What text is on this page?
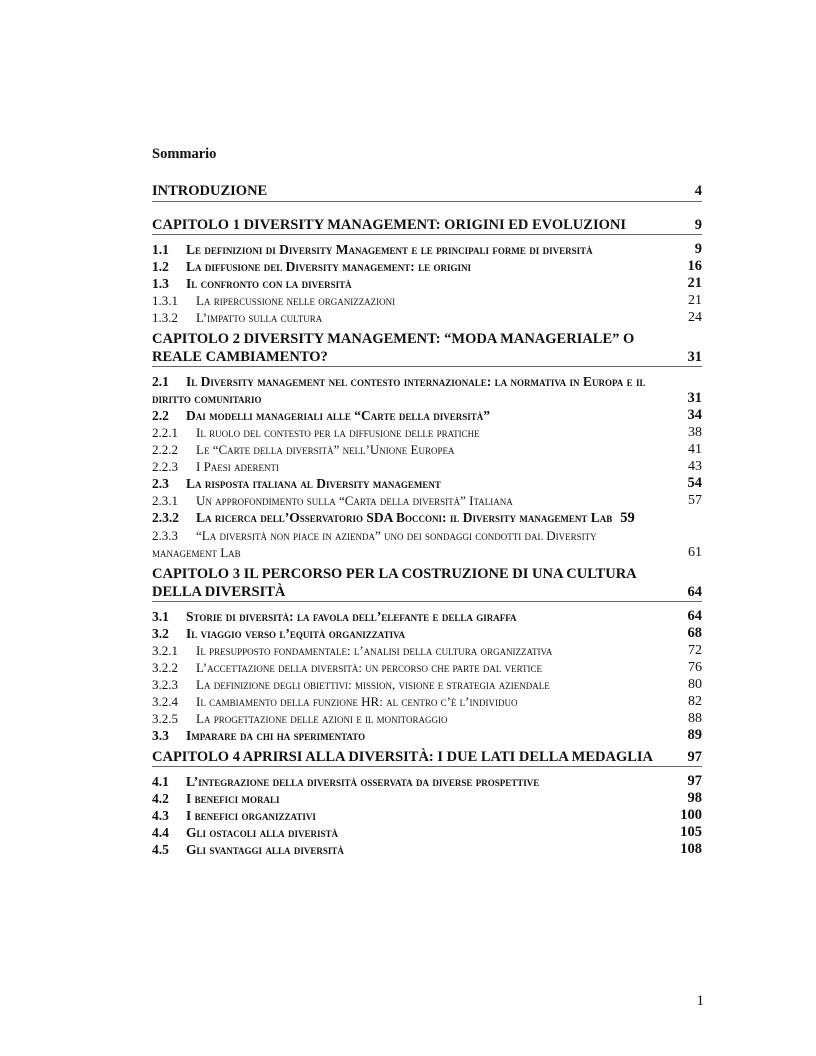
Sommario
INTRODUZIONE	4
CAPITOLO 1 DIVERSITY MANAGEMENT: ORIGINI ED EVOLUZIONI	9
1.1 Le definizioni di Diversity Management e le principali forme di diversità	9
1.2 La diffusione del Diversity management: le origini	16
1.3 Il confronto con la diversità	21
1.3.1 La ripercussione nelle organizzazioni	21
1.3.2 L’impatto sulla cultura	24
CAPITOLO 2 DIVERSITY MANAGEMENT: “MODA MANAGERIALE” O REALE CAMBIAMENTO?	31
2.1 Il Diversity management nel contesto internazionale: la normativa in Europa e il diritto comunitario	31
2.2 Dai modelli manageriali alle “Carte della diversità”	34
2.2.1 Il ruolo del contesto per la diffusione delle pratiche	38
2.2.2 Le “Carte della diversità” nell’Unione Europea	41
2.2.3 I Paesi aderenti	43
2.3 La risposta italiana al Diversity management	54
2.3.1 Un approfondimento sulla “Carta della diversità” Italiana	57
2.3.2 La ricerca dell’Osservatorio SDA Bocconi: il Diversity management Lab 59
2.3.3 “La diversità non piace in azienda” uno dei sondaggi condotti dal Diversity management Lab	61
CAPITOLO 3 IL PERCORSO PER LA COSTRUZIONE DI UNA CULTURA DELLA DIVERSITÀ	64
3.1 Storie di diversità: la favola dell’elefante e della giraffa	64
3.2 Il viaggio verso l’equità organizzativa	68
3.2.1 Il presupposto fondamentale: l’analisi della cultura organizzativa	72
3.2.2 L’accettazione della diversità: un percorso che parte dal vertice	76
3.2.3 La definizione degli obiettivi: mission, visione e strategia aziendale	80
3.2.4 Il cambiamento della funzione HR: al centro c’è l’individuo	82
3.2.5 La progettazione delle azioni e il monitoraggio	88
3.3 Imparare da chi ha sperimentato	89
CAPITOLO 4 APRIRSI ALLA DIVERSITÀ: I DUE LATI DELLA MEDAGLIA	97
4.1 L’integrazione della diversità osservata da diverse prospettive	97
4.2 I benefici morali	98
4.3 I benefici organizzativi	100
4.4 Gli ostacoli alla diveristà	105
4.5 Gli svantaggi alla diversità	108
1
